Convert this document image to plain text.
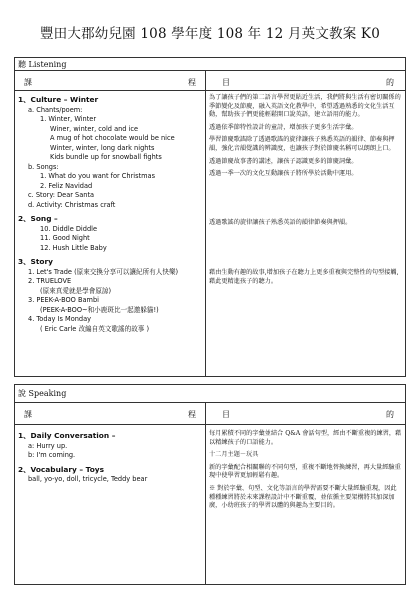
豐田大郡幼兒園 108 學年度 108 年 12 月英文教案 K0
聽 Listening
課	程	目	的
1、Culture – Winter
a. Chants/poem:
1. Winter, Winter
Winer, winter, cold and ice
A mug of hot chocolate would be nice
Winter, winter, long dark nights
Kids bundle up for snowball fights
b. Songs:
1. What do you want for Christmas
2. Feliz Navidad
c. Story: Dear Santa
d. Activity: Christmas craft
2、Song –
10. Diddle Diddle
11. Good Night
12. Hush Little Baby
3、Story
1. Let's Trade (原來交換分享可以讓紀所有人快樂)
2. TRUELOVE
(原來真愛就是學會原諒)
3. PEEK-A-BOO Bambi
(PEEK-A-BOO~和小鹿斑比一起邀躲貓!)
4. Today Is Monday
( Eric Carle 改編自英文歌謠的故事 )

為了讓孩子們的第二語言學習更貼近生活，我們將與生活有密切關係的季節變化及節慶，融入英語文化教學中，希望透過熟悉的文化生活互動，幫助孩子們更能輕鬆開口說英語，建立語用的能力。

透過依季節特性設計的童詩，增加孩子更多生活字彙。

學習節慶歌謠除了透過歌謠的旋律讓孩子熟悉英語的韻律、節奏與押韻，強化音韻覺識的辨識度，也讓孩子對於節慶名稱可以朗朗上口。

透過節慶故事書的講述，讓孩子認識更多的節慶詞彙。

透過一季一次的文化互動讓孩子將所學於活動中運用。

透過歌謠的旋律讓孩子熟悉英語的韻律節奏與押韻。

藉由生動有趣的故事,增加孩子在聽力上更多重複與完整性的句型接觸,藉此更精進孩子的聽力。

說 Speaking
課	程	目	的
1、Daily Conversation –
a: Hurry up.
b: I'm coming.
2、Vocabulary – Toys
ball, yo-yo, doll, tricycle, Teddy bear

每月累積不同的字彙並結合 Q&A 會話句型，經由不斷重複的練習，藉以精練孩子的口語能力。

十二月主題－玩具

新的字彙配合相關聯的不同句型，重複不斷地替換練習，再大量經驗重現中使學習更加輕鬆有趣。

※ 對於字彙、句型、文化等語言的學習需要不斷大量經驗重現，因此種種練習將於未來課程設計中不斷重覆，並依循主要架構將其加深加廣，小幼班孩子的學習以體的與趣為主要目的。
